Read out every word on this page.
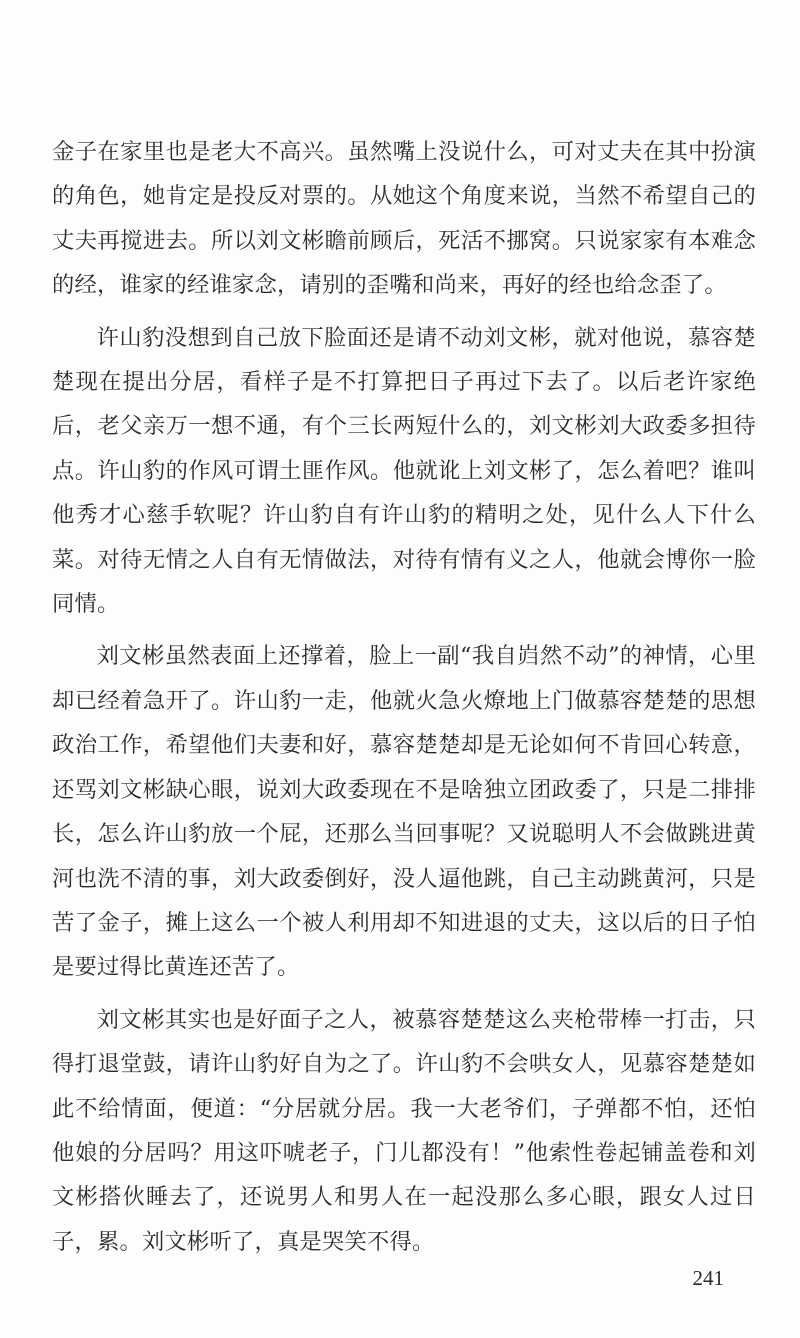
金子在家里也是老大不高兴。虽然嘴上没说什么，可对丈夫在其中扮演的角色，她肯定是投反对票的。从她这个角度来说，当然不希望自己的丈夫再搅进去。所以刘文彬瞻前顾后，死活不挪窝。只说家家有本难念的经，谁家的经谁家念，请别的歪嘴和尚来，再好的经也给念歪了。

许山豹没想到自己放下脸面还是请不动刘文彬，就对他说，慕容楚楚现在提出分居，看样子是不打算把日子再过下去了。以后老许家绝后，老父亲万一想不通，有个三长两短什么的，刘文彬刘大政委多担待点。许山豹的作风可谓土匪作风。他就讹上刘文彬了，怎么着吧？谁叫他秀才心慈手软呢？许山豹自有许山豹的精明之处，见什么人下什么菜。对待无情之人自有无情做法，对待有情有义之人，他就会博你一脸同情。

刘文彬虽然表面上还撑着，脸上一副“我自岿然不动”的神情，心里却已经着急开了。许山豹一走，他就火急火燎地上门做慕容楚楚的思想政治工作，希望他们夫妻和好，慕容楚楚却是无论如何不肯回心转意，还骂刘文彬缺心眼，说刘大政委现在不是啥独立团政委了，只是二排排长，怎么许山豹放一个屁，还那么当回事呢？又说聪明人不会做跳进黄河也洗不清的事，刘大政委倒好，没人逼他跳，自己主动跳黄河，只是苦了金子，摊上这么一个被人利用却不知进退的丈夫，这以后的日子怕是要过得比黄连还苦了。

刘文彬其实也是好面子之人，被慕容楚楚这么夹枪带棒一打击，只得打退堂鼓，请许山豹好自为之了。许山豹不会哄女人，见慕容楚楚如此不给情面，便道：“分居就分居。我一大老爷们，子弹都不怕，还怕他娘的分居吗？用这吓唬老子，门儿都没有！”他索性卷起铺盖卷和刘文彬搭伙睡去了，还说男人和男人在一起没那么多心眼，跟女人过日子，累。刘文彬听了，真是哭笑不得。

241
